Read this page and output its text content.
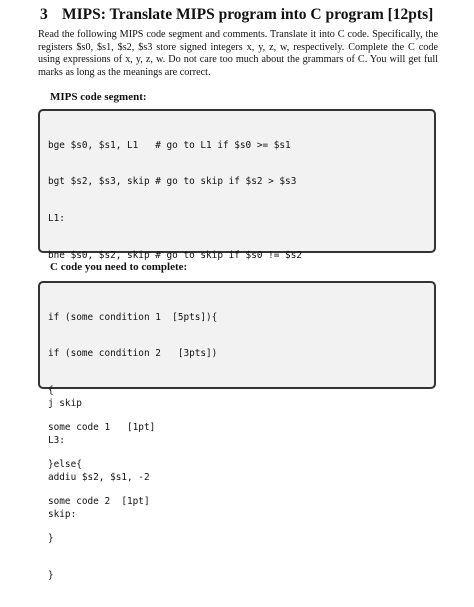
3 MIPS: Translate MIPS program into C program [12pts]
Read the following MIPS code segment and comments. Translate it into C code. Specifically, the registers $s0, $s1, $s2, $s3 store signed integers x, y, z, w, respectively. Complete the C code using expressions of x, y, z, w. Do not care too much about the grammars of C. You will get full marks as long as the meanings are correct.
MIPS code segment:

bge $s0, $s1, L1   # go to L1 if $s0 >= $s1

bgt $s2, $s3, skip # go to skip if $s2 > $s3

L1:

bne $s0, $s2, skip # go to skip if $s0 != $s2

j skip

L3:

addiu $s2, $s1, -2

skip:

C code you need to complete:

if (some condition 1  [5pts]){

if (some condition 2   [3pts])

{

some code 1   [1pt]

}else{

some code 2  [1pt]

}

}
